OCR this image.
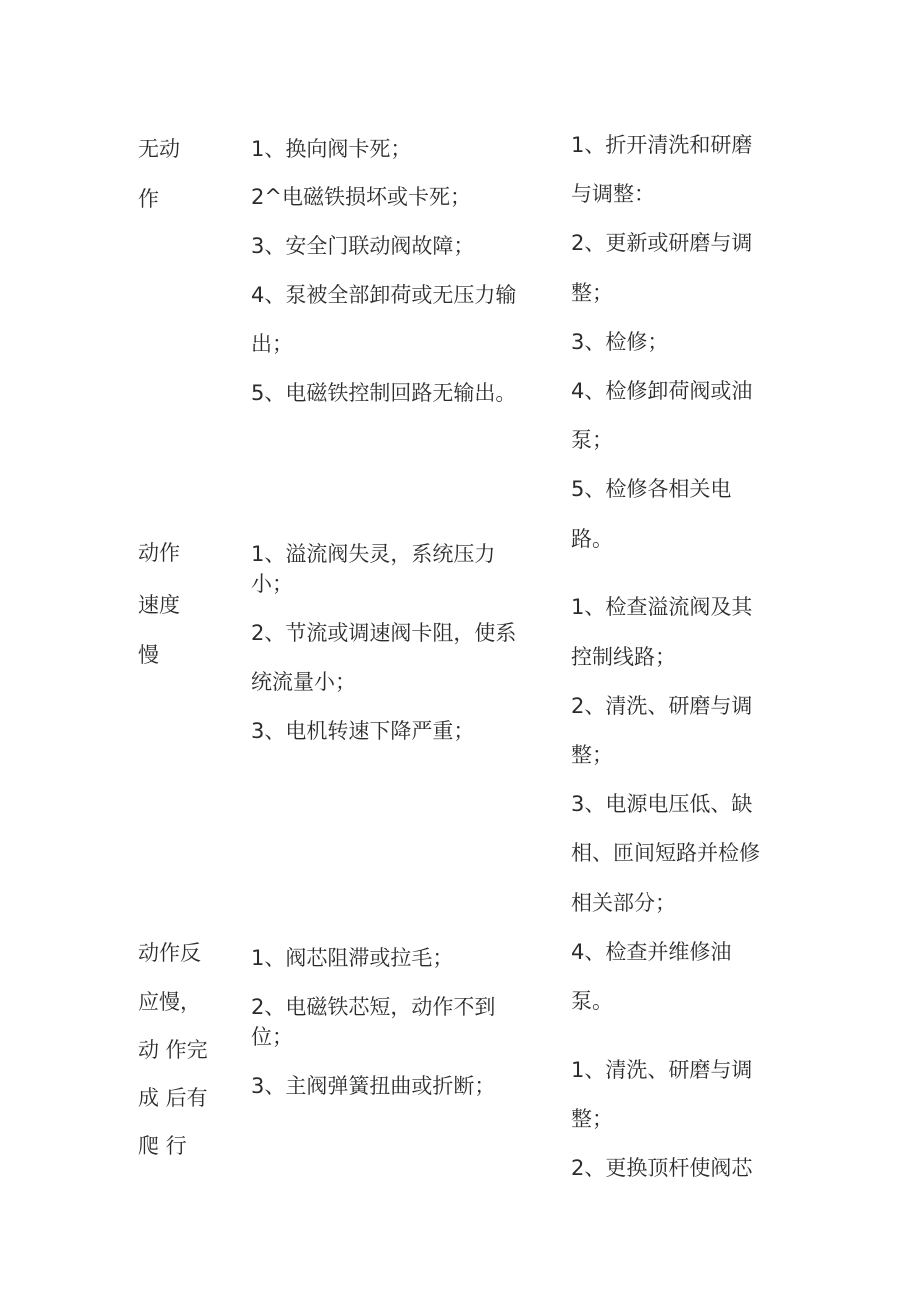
无动
作
1、换向阀卡死；
2^电磁铁损坏或卡死；
3、安全门联动阀故障；
4、泵被全部卸荷或无压力输
出；
5、电磁铁控制回路无输出。
1、折开清洗和研磨
与调整：
2、更新或研磨与调
整；
3、检修；
4、检修卸荷阀或油
泵；
5、检修各相关电
路。
动作
速度
慢
1、溢流阀失灵，系统压力
小；
2、节流或调速阀卡阻，使系
统流量小；
3、电机转速下降严重；
1、检查溢流阀及其
控制线路；
2、清洗、研磨与调
整；
3、电源电压低、缺
相、匝间短路并检修
相关部分；
4、检查并维修油
泵。
动作反
应慢，
动 作完
成 后有
爬 行
1、阀芯阻滞或拉毛；
2、电磁铁芯短，动作不到
位；
3、主阀弹簧扭曲或折断；
1、清洗、研磨与调
整；
2、更换顶杆使阀芯
